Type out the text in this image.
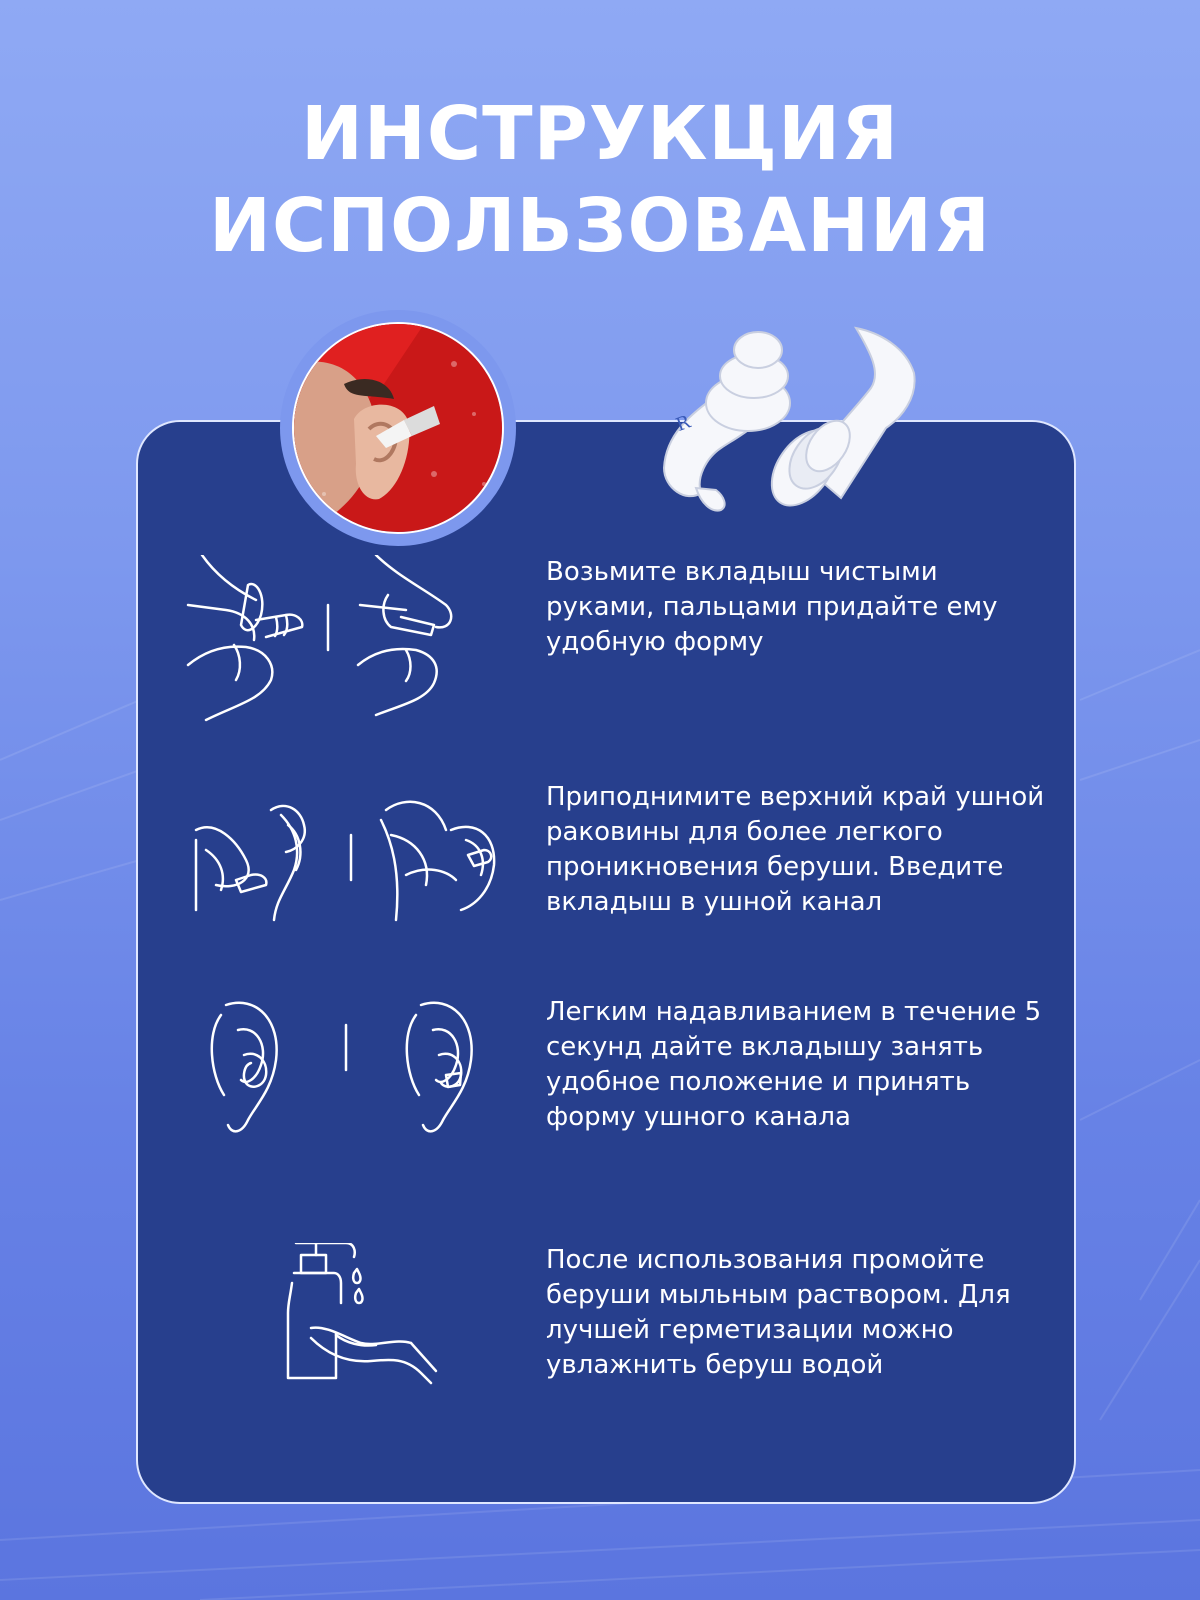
ИНСТРУКЦИЯ
ИСПОЛЬЗОВАНИЯ
R
Возьмите вкладыш чистыми руками, пальцами придайте ему удобную форму
Приподнимите верхний край ушной раковины для более легкого проникновения беруши. Введите вкладыш в ушной канал
Легким надавливанием в течение 5 секунд дайте вкладышу занять удобное положение и принять форму ушного канала
После использования промойте беруши мыльным раствором. Для лучшей герметизации можно увлажнить беруш водой
